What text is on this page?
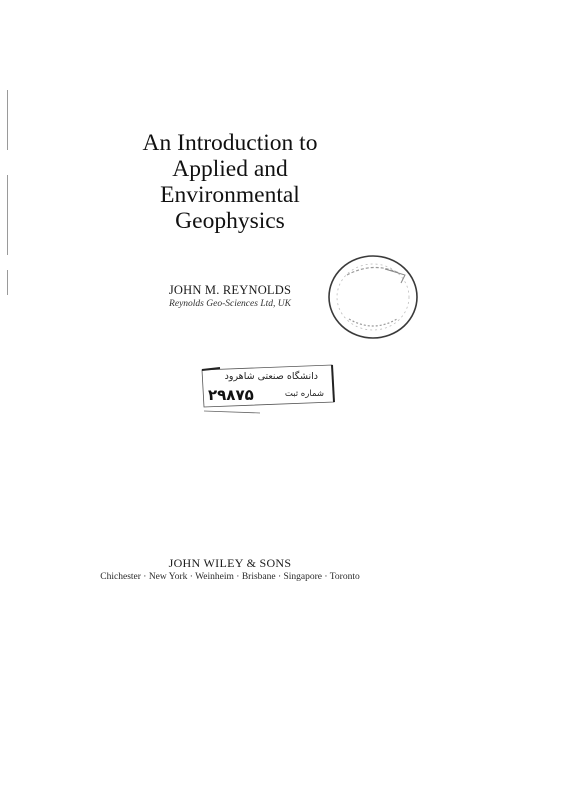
An Introduction to
Applied and
Environmental
Geophysics
JOHN M. REYNOLDS
Reynolds Geo-Sciences Ltd, UK
دانشگاه صنعتی شاهرود
شماره ثبت
۲۹۸۷۵
JOHN WILEY & SONS
Chichester · New York · Weinheim · Brisbane · Singapore · Toronto
